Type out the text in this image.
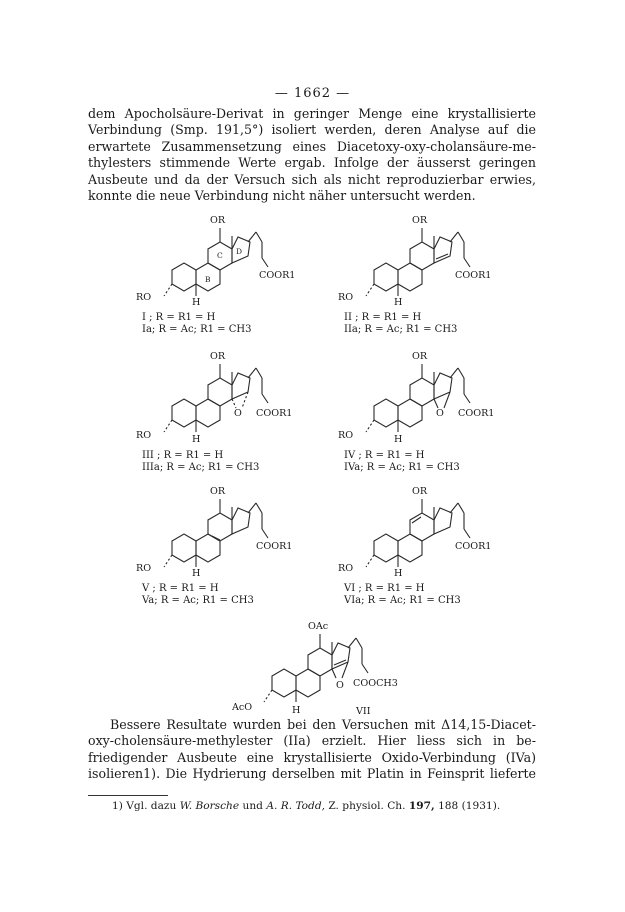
— 1662 —

dem Apocholsäure-Derivat in geringer Menge eine krystallisierte

Verbindung (Smp. 191,5°) isoliert werden, deren Analyse auf die

erwartete Zusammensetzung eines Diacetoxy-oxy-cholansäure-me-

thylesters stimmende Werte ergab. Infolge der äusserst geringen

Ausbeute und da der Versuch sich als nicht reproduzierbar erwies,

konnte die neue Verbindung nicht näher untersucht werden.

OR
C D
B	COOR1
RO	H
I ; R = R1 = H
Ia; R = Ac; R1 = CH3
OR
COOR1
RO	H
II ; R = R1 = H
IIa; R = Ac; R1 = CH3
OR
O COOR1
RO	H
III ; R = R1 = H
IIIa; R = Ac; R1 = CH3
OR
O COOR1
RO	H
IV ; R = R1 = H
IVa; R = Ac; R1 = CH3
OR
COOR1
RO	H
V ; R = R1 = H
Va; R = Ac; R1 = CH3
OR
COOR1
RO	H
VI ; R = R1 = H
VIa; R = Ac; R1 = CH3
OAc
COOCH3
O
AcO	H	VII

Bessere Resultate wurden bei den Versuchen mit Δ14,15-Diacet-

oxy-cholensäure-methylester (IIa) erzielt. Hier liess sich in be-

friedigender Ausbeute eine krystallisierte Oxido-Verbindung (IVa)

isolieren1). Die Hydrierung derselben mit Platin in Feinsprit lieferte

1) Vgl. dazu W. Borsche und A. R. Todd, Z. physiol. Ch. 197, 188 (1931).
